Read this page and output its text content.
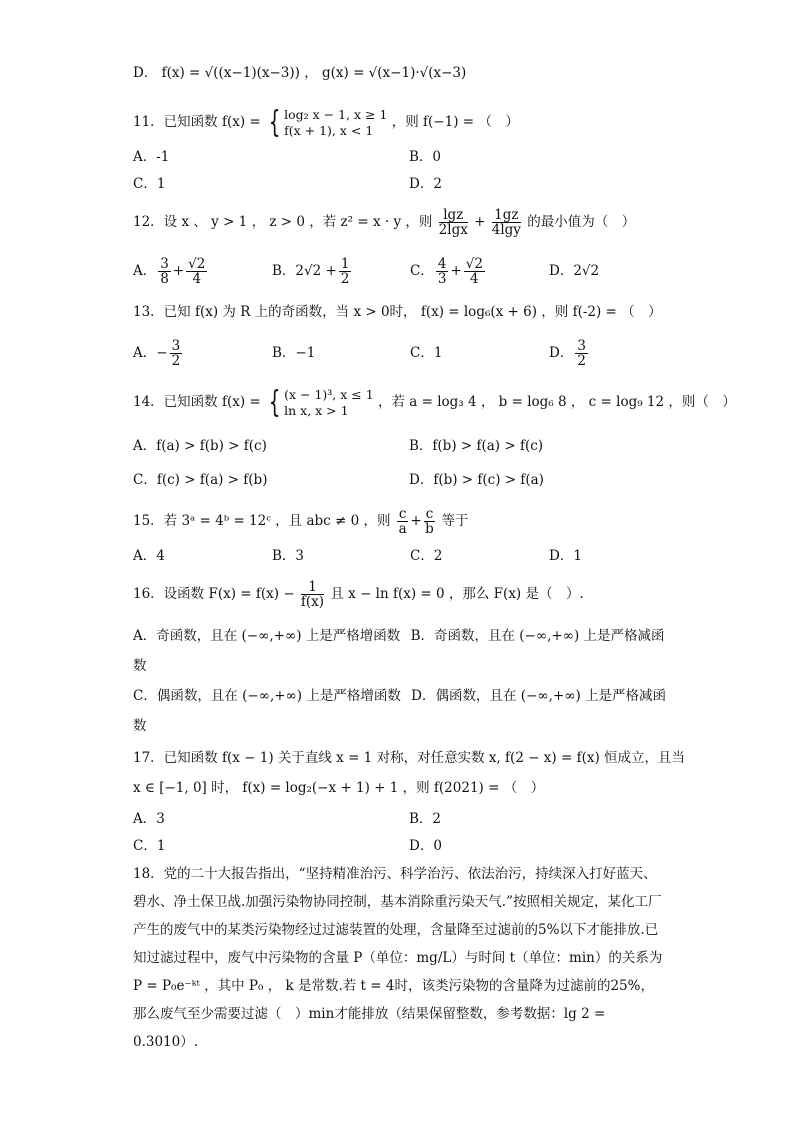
D． f(x) = √((x−1)(x−3)) ， g(x) = √(x−1)·√(x−3)
11．已知函数 f(x) = { log₂ x − 1, x ≥ 1
f(x + 1), x < 1	，则 f(−1) = （　）
A．-1	B．0
C．1	D．2
12．设 x 、 y > 1 ， z > 0 ，若 z² = x · y ，则 $\frac{\lg z}{2\lg x} + \frac{1gz}{4\lg y}$ 的最小值为（　）
A． $\frac{3}{8} + \frac{√2}{4}$	B．$2√2 + \frac{1}{2}$	C． $\frac{4}{3} + \frac{√2}{4}$	D．2√2
13．已知 f(x) 为 R 上的奇函数，当 x > 0时， f(x) = log₆(x + 6) ，则 f(-2) = （　）
A．− $\frac{3}{2}$	B．−1	C．1	D． $\frac{3}{2}$
14．已知函数 f(x) = { (x − 1)³, x ≤ 1
ln x, x > 1	，若 a = log₃ 4 ， b = log₆ 8 ， c = log₉ 12 ，则（　）
A．f(a) > f(b) > f(c)	B．f(b) > f(a) > f(c)
C．f(c) > f(a) > f(b)	D．f(b) > f(c) > f(a)
15．若 3ᵃ = 4ᵇ = 12ᶜ ，且 abc ≠ 0 ，则 $\frac{c}{a} + \frac{c}{b}$ 等于
A．4	B．3	C．2	D．1
16．设函数 $F(x) = f(x) - \frac{1}{f(x)}$ 且 x − ln f(x) = 0 ，那么 F(x) 是（　）.
A．奇函数，且在 (−∞,+∞) 上是严格增函数 B．奇函数，且在 (−∞,+∞) 上是严格减函
数
C．偶函数，且在 (−∞,+∞) 上是严格增函数 D．偶函数，且在 (−∞,+∞) 上是严格减函
数
17．已知函数 f(x − 1) 关于直线 x = 1 对称，对任意实数 x, f(2 − x) = f(x) 恒成立，且当
x ∈ [−1, 0] 时， f(x) = log₂(−x + 1) + 1 ，则 f(2021) = （　）
A．3	B．2
C．1	D．0
18．党的二十大报告指出，“坚持精准治污、科学治污、依法治污，持续深入打好蓝天、碧水、净土保卫战.加强污染物协同控制，基本消除重污染天气.”按照相关规定，某化工厂产生的废气中的某类污染物经过过滤装置的处理，含量降至过滤前的5%以下才能排放.已知过滤过程中，废气中污染物的含量 P（单位：mg/L）与时间 t（单位：min）的关系为 P = P₀e⁻ᵏᵗ ，其中 P₀ ， k 是常数.若 t = 4时，该类污染物的含量降为过滤前的25%，那么废气至少需要过滤（　）min才能排放（结果保留整数，参考数据：lg 2 = 0.3010）.
